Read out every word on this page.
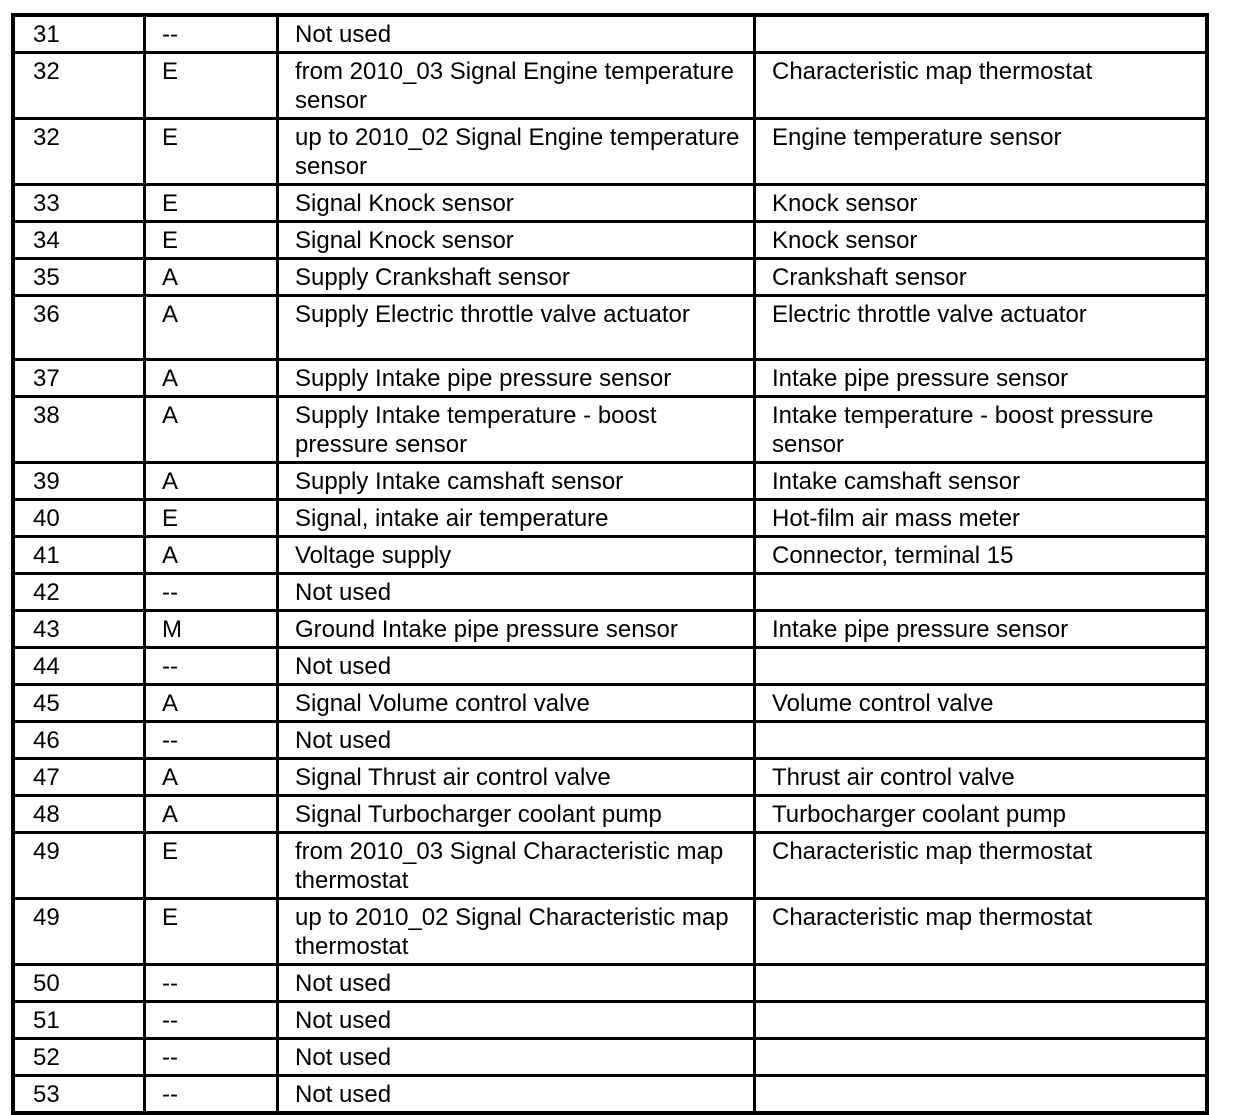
31	--	Not used	
32	E	from 2010_03 Signal Engine temperature sensor	Characteristic map thermostat
32	E	up to 2010_02 Signal Engine temperature sensor	Engine temperature sensor
33	E	Signal Knock sensor	Knock sensor
34	E	Signal Knock sensor	Knock sensor
35	A	Supply Crankshaft sensor	Crankshaft sensor
36	A	Supply Electric throttle valve actuator	Electric throttle valve actuator
37	A	Supply Intake pipe pressure sensor	Intake pipe pressure sensor
38	A	Supply Intake temperature - boost pressure sensor	Intake temperature - boost pressure sensor
39	A	Supply Intake camshaft sensor	Intake camshaft sensor
40	E	Signal, intake air temperature	Hot-film air mass meter
41	A	Voltage supply	Connector, terminal 15
42	--	Not used	
43	M	Ground Intake pipe pressure sensor	Intake pipe pressure sensor
44	--	Not used	
45	A	Signal Volume control valve	Volume control valve
46	--	Not used	
47	A	Signal Thrust air control valve	Thrust air control valve
48	A	Signal Turbocharger coolant pump	Turbocharger coolant pump
49	E	from 2010_03 Signal Characteristic map thermostat	Characteristic map thermostat
49	E	up to 2010_02 Signal Characteristic map thermostat	Characteristic map thermostat
50	--	Not used	
51	--	Not used	
52	--	Not used	
53	--	Not used	
